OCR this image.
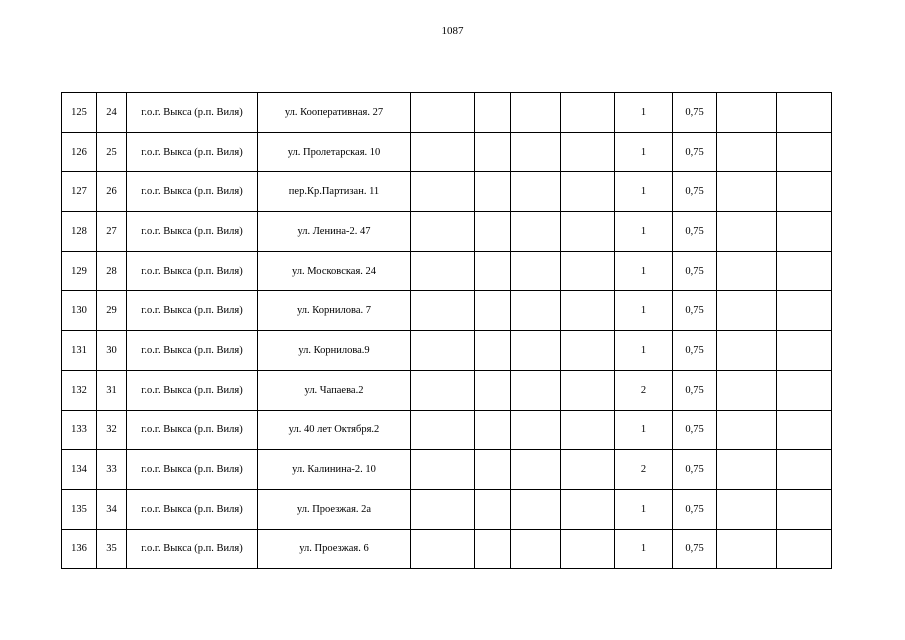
1087
125	24	г.о.г. Выкса (р.п. Виля)	ул. Кооперативная. 27					1	0,75		
126	25	г.о.г. Выкса (р.п. Виля)	ул. Пролетарская. 10					1	0,75		
127	26	г.о.г. Выкса (р.п. Виля)	пер.Кр.Партизан. 11					1	0,75		
128	27	г.о.г. Выкса (р.п. Виля)	ул. Ленина-2. 47					1	0,75		
129	28	г.о.г. Выкса (р.п. Виля)	ул. Московская. 24					1	0,75		
130	29	г.о.г. Выкса (р.п. Виля)	ул. Корнилова. 7					1	0,75		
131	30	г.о.г. Выкса (р.п. Виля)	ул. Корнилова.9					1	0,75		
132	31	г.о.г. Выкса (р.п. Виля)	ул. Чапаева.2					2	0,75		
133	32	г.о.г. Выкса (р.п. Виля)	ул. 40 лет Октября.2					1	0,75		
134	33	г.о.г. Выкса (р.п. Виля)	ул. Калинина-2. 10					2	0,75		
135	34	г.о.г. Выкса (р.п. Виля)	ул. Проезжая. 2а					1	0,75		
136	35	г.о.г. Выкса (р.п. Виля)	ул. Проезжая. 6					1	0,75		
